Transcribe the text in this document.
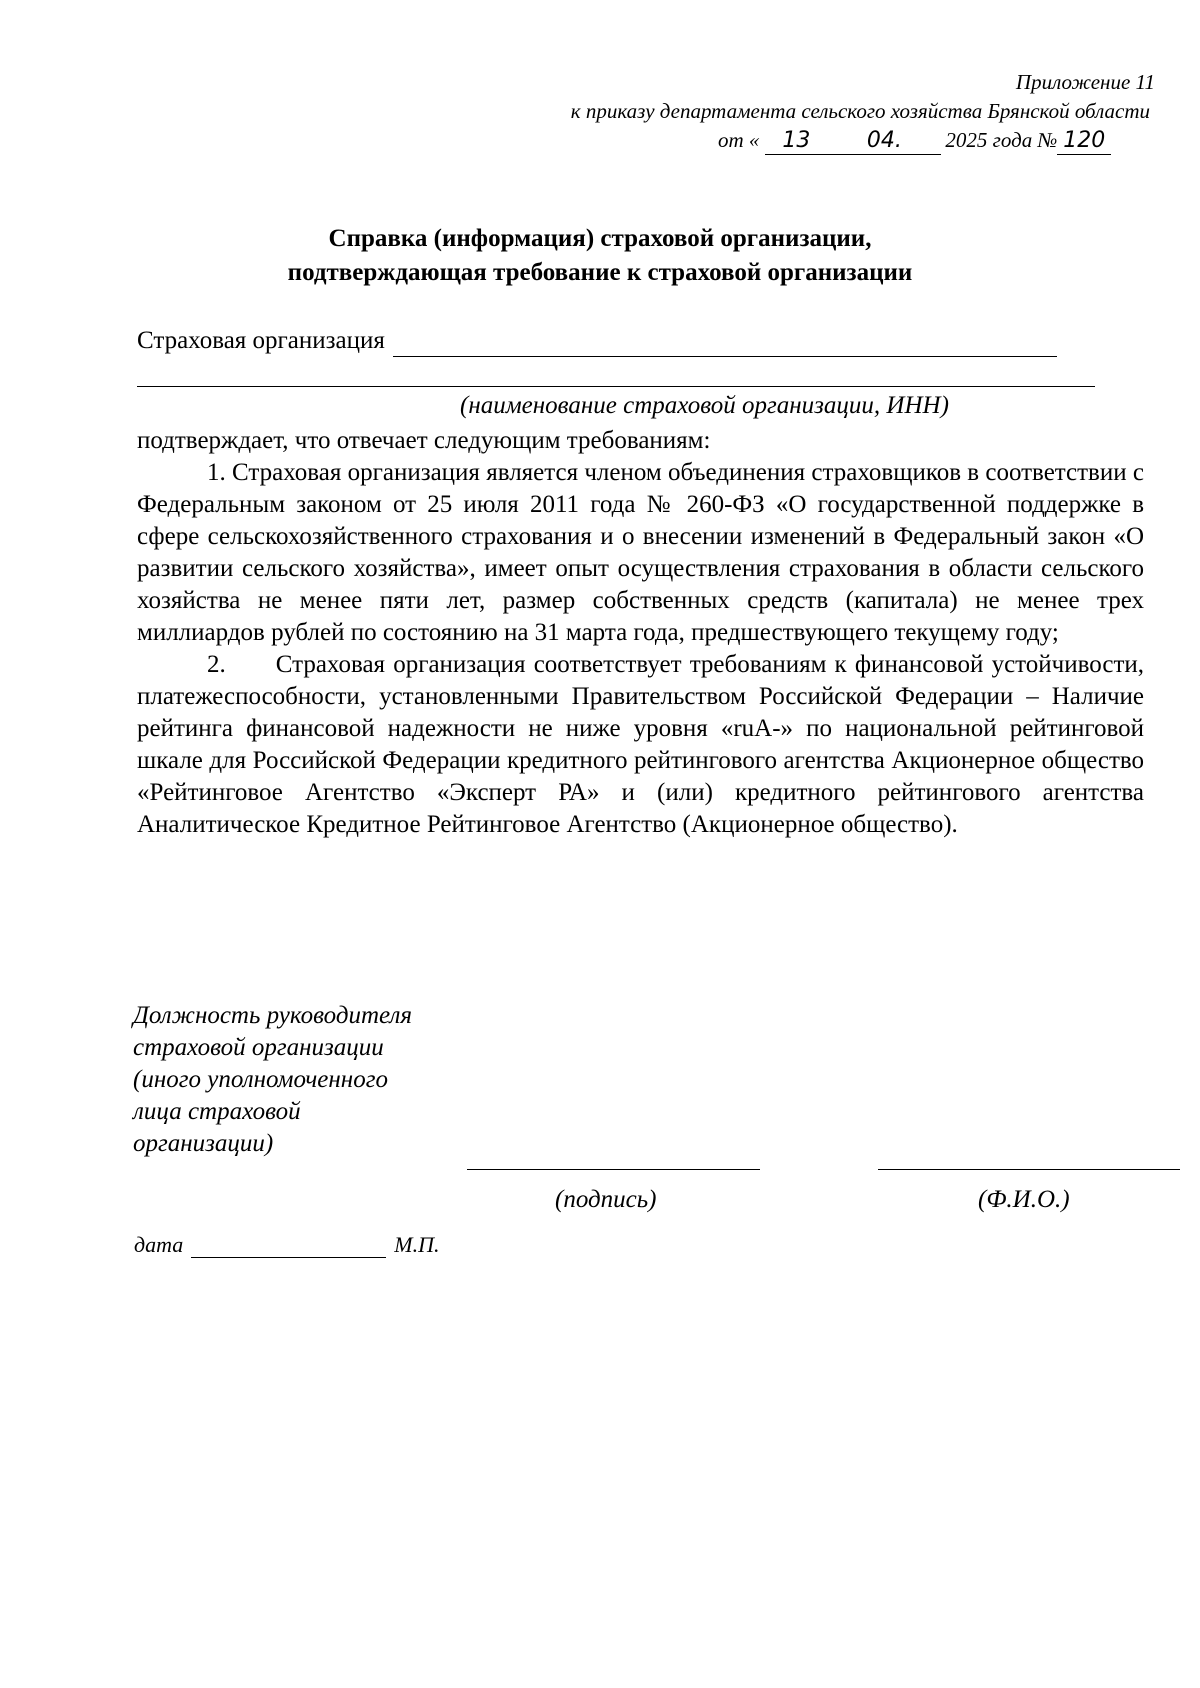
Приложение 11
к приказу департамента сельского хозяйства Брянской области
от «	13	04.	2025 года № 120
Справка (информация) страховой организации,
подтверждающая требование к страховой организации
Страховая организация
(наименование страховой организации, ИНН)

подтверждает, что отвечает следующим требованиям:

1. Страховая организация является членом объединения страховщиков в соответствии с Федеральным законом от 25 июля 2011 года № 260-ФЗ «О государственной поддержке в сфере сельскохозяйственного страхования и о внесении изменений в Федеральный закон «О развитии сельского хозяйства», имеет опыт осуществления страхования в области сельского хозяйства не менее пяти лет, размер собственных средств (капитала) не менее трех миллиардов рублей по состоянию на 31 марта года, предшествующего текущему году;

2.  Страховая организация соответствует требованиям к финансовой устойчивости, платежеспособности, установленными Правительством Российской Федерации – Наличие рейтинга финансовой надежности не ниже уровня «ruA-» по национальной рейтинговой шкале для Российской Федерации кредитного рейтингового агентства Акционерное общество «Рейтинговое Агентство «Эксперт РА» и (или) кредитного рейтингового агентства Аналитическое Кредитное Рейтинговое Агентство (Акционерное общество).

Должность руководителя
страховой организации
(иного уполномоченного
лица страховой
организации)
(подпись)	(Ф.И.О.)
дата	М.П.
